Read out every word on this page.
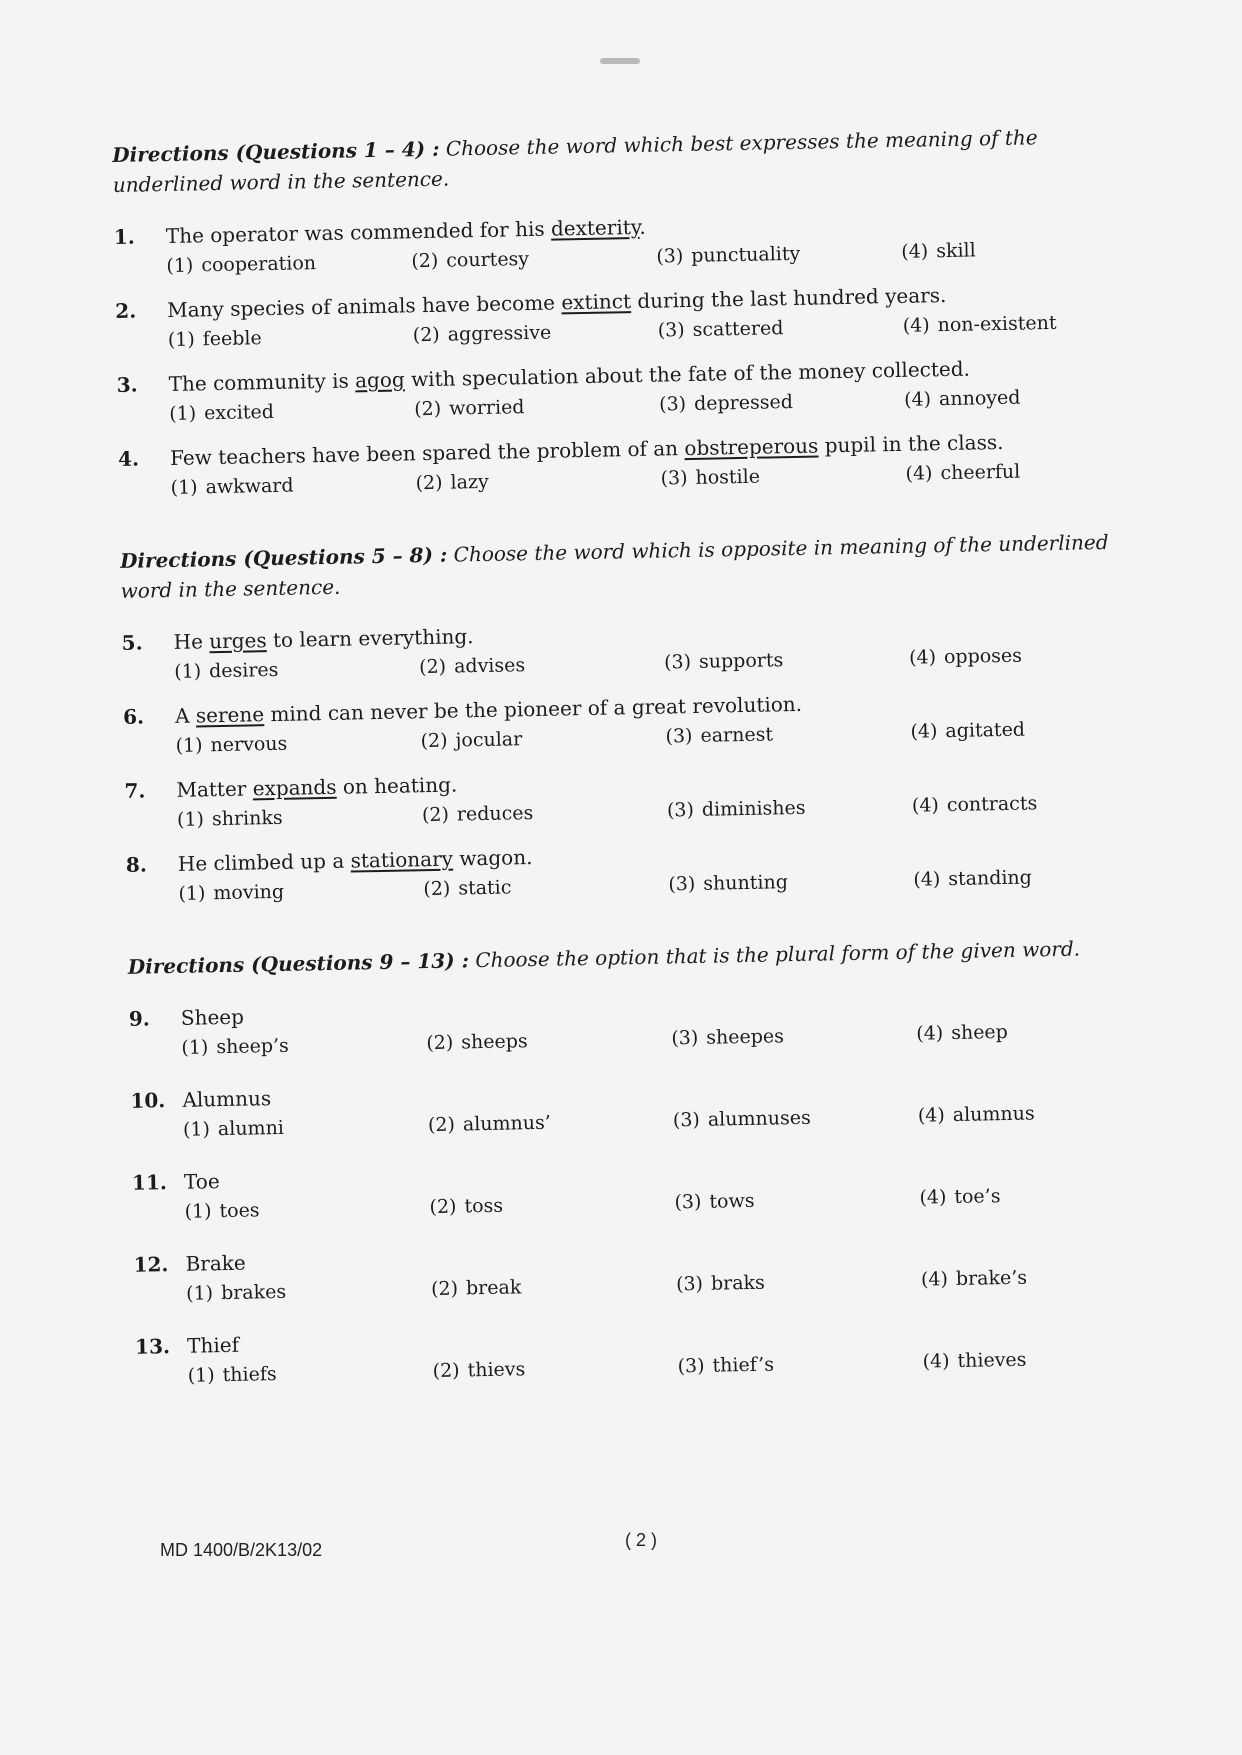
Directions (Questions 1 – 4) : Choose the word which best expresses the meaning of the underlined word in the sentence.
1.	The operator was commended for his dexterity.
(1) cooperation	(2) courtesy	(3) punctuality	(4) skill
2.	Many species of animals have become extinct during the last hundred years.
(1) feeble	(2) aggressive	(3) scattered	(4) non-existent
3.	The community is agog with speculation about the fate of the money collected.
(1) excited	(2) worried	(3) depressed	(4) annoyed
4.	Few teachers have been spared the problem of an obstreperous pupil in the class.
(1) awkward	(2) lazy	(3) hostile	(4) cheerful
Directions (Questions 5 – 8) : Choose the word which is opposite in meaning of the underlined word in the sentence.
5.	He urges to learn everything.
(1) desires	(2) advises	(3) supports	(4) opposes
6.	A serene mind can never be the pioneer of a great revolution.
(1) nervous	(2) jocular	(3) earnest	(4) agitated
7.	Matter expands on heating.
(1) shrinks	(2) reduces	(3) diminishes	(4) contracts
8.	He climbed up a stationary wagon.
(1) moving	(2) static	(3) shunting	(4) standing
Directions (Questions 9 – 13) : Choose the option that is the plural form of the given word.
9.	Sheep
(1) sheep’s	(2) sheeps	(3) sheepes	(4) sheep
10. Alumnus
(1) alumni	(2) alumnus’	(3) alumnuses	(4) alumnus
11. Toe
(1) toes	(2) toss	(3) tows	(4) toe’s
12. Brake
(1) brakes	(2) break	(3) braks	(4) brake’s
13. Thief
(1) thiefs	(2) thievs	(3) thief’s	(4) thieves
MD 1400/B/2K13/02	( 2 )
